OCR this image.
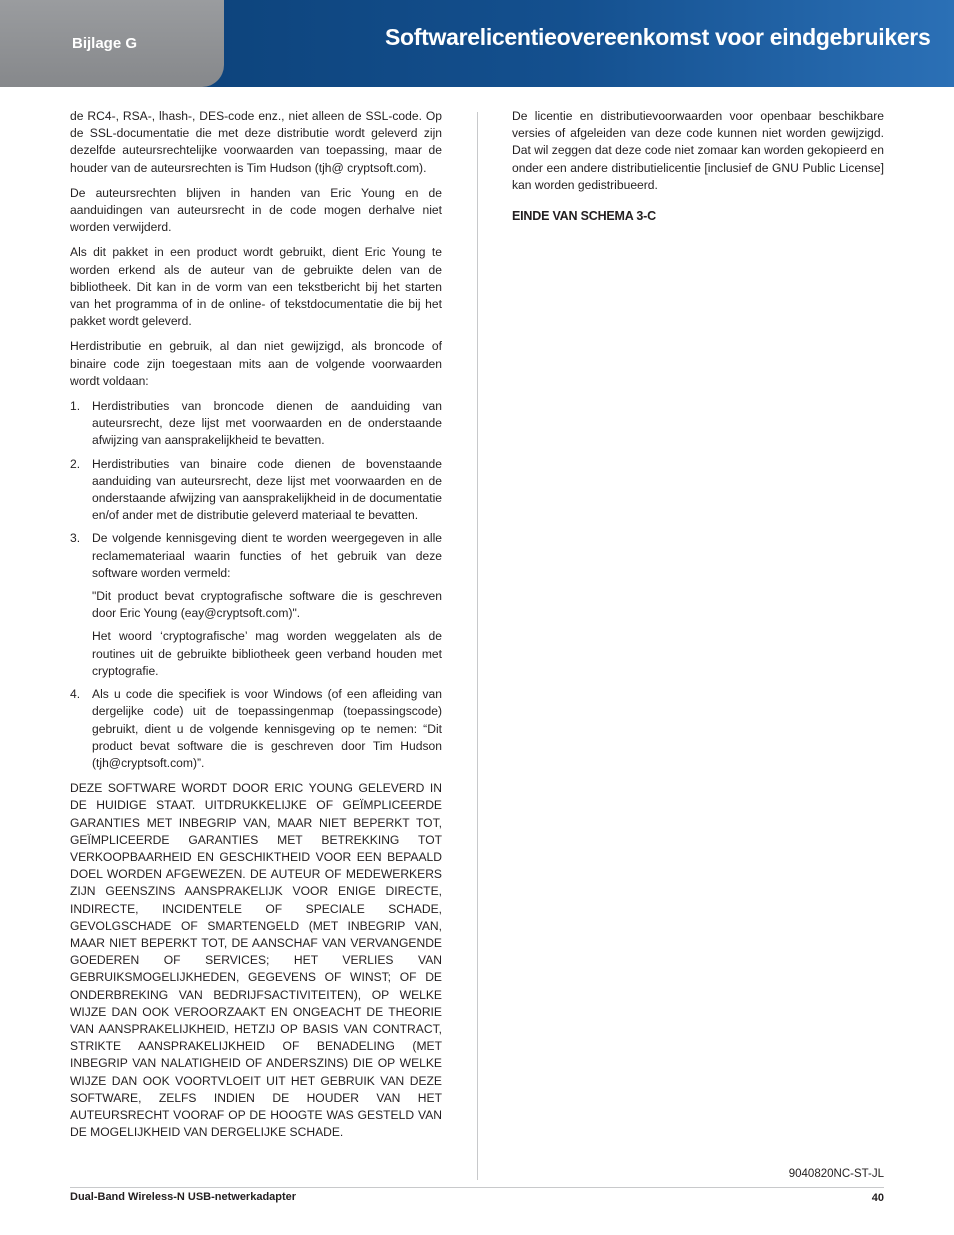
Bijlage G	Softwarelicentieovereenkomst voor eindgebruikers

de RC4-, RSA-, lhash-, DES-code enz., niet alleen de SSL-code. Op de SSL-documentatie die met deze distributie wordt geleverd zijn dezelfde auteursrechtelijke voorwaarden van toepassing, maar de houder van de auteursrechten is Tim Hudson (tjh@ cryptsoft.com).

De auteursrechten blijven in handen van Eric Young en de aanduidingen van auteursrecht in de code mogen derhalve niet worden verwijderd.

Als dit pakket in een product wordt gebruikt, dient Eric Young te worden erkend als de auteur van de gebruikte delen van de bibliotheek. Dit kan in de vorm van een tekstbericht bij het starten van het programma of in de online- of tekstdocumentatie die bij het pakket wordt geleverd.

Herdistributie en gebruik, al dan niet gewijzigd, als broncode of binaire code zijn toegestaan mits aan de volgende voorwaarden wordt voldaan:

1. Herdistributies van broncode dienen de aanduiding van auteursrecht, deze lijst met voorwaarden en de onderstaande afwijzing van aansprakelijkheid te bevatten.

2. Herdistributies van binaire code dienen de bovenstaande aanduiding van auteursrecht, deze lijst met voorwaarden en de onderstaande afwijzing van aansprakelijkheid in de documentatie en/of ander met de distributie geleverd materiaal te bevatten.

3. De volgende kennisgeving dient te worden weergegeven in alle reclamemateriaal waarin functies of het gebruik van deze software worden vermeld:

"Dit product bevat cryptografische software die is geschreven door Eric Young (eay@cryptsoft.com)".

Het woord ‘cryptografische’ mag worden weggelaten als de routines uit de gebruikte bibliotheek geen verband houden met cryptografie.

4. Als u code die specifiek is voor Windows (of een afleiding van dergelijke code) uit de toepassingenmap (toepassingscode) gebruikt, dient u de volgende kennisgeving op te nemen: “Dit product bevat software die is geschreven door Tim Hudson (tjh@cryptsoft.com)”.

DEZE SOFTWARE WORDT DOOR ERIC YOUNG GELEVERD IN DE HUIDIGE STAAT. UITDRUKKELIJKE OF GEÏMPLICEERDE GARANTIES MET INBEGRIP VAN, MAAR NIET BEPERKT TOT, GEÏMPLICEERDE GARANTIES MET BETREKKING TOT VERKOOPBAARHEID EN GESCHIKTHEID VOOR EEN BEPAALD DOEL WORDEN AFGEWEZEN. DE AUTEUR OF MEDEWERKERS ZIJN GEENSZINS AANSPRAKELIJK VOOR ENIGE DIRECTE, INDIRECTE, INCIDENTELE OF SPECIALE SCHADE, GEVOLGSCHADE OF SMARTENGELD (MET INBEGRIP VAN, MAAR NIET BEPERKT TOT, DE AANSCHAF VAN VERVANGENDE GOEDEREN OF SERVICES; HET VERLIES VAN GEBRUIKSMOGELIJKHEDEN, GEGEVENS OF WINST; OF DE ONDERBREKING VAN BEDRIJFSACTIVITEITEN), OP WELKE WIJZE DAN OOK VEROORZAAKT EN ONGEACHT DE THEORIE VAN AANSPRAKELIJKHEID, HETZIJ OP BASIS VAN CONTRACT, STRIKTE AANSPRAKELIJKHEID OF BENADELING (MET INBEGRIP VAN NALATIGHEID OF ANDERSZINS) DIE OP WELKE WIJZE DAN OOK VOORTVLOEIT UIT HET GEBRUIK VAN DEZE SOFTWARE, ZELFS INDIEN DE HOUDER VAN HET AUTEURSRECHT VOORAF OP DE HOOGTE WAS GESTELD VAN DE MOGELIJKHEID VAN DERGELIJKE SCHADE.

De licentie en distributievoorwaarden voor openbaar beschikbare versies of afgeleiden van deze code kunnen niet worden gewijzigd. Dat wil zeggen dat deze code niet zomaar kan worden gekopieerd en onder een andere distributielicentie [inclusief de GNU Public License] kan worden gedistribueerd.

EINDE VAN SCHEMA 3-C
9040820NC-ST-JL
Dual-Band Wireless-N USB-netwerkadapter	40
